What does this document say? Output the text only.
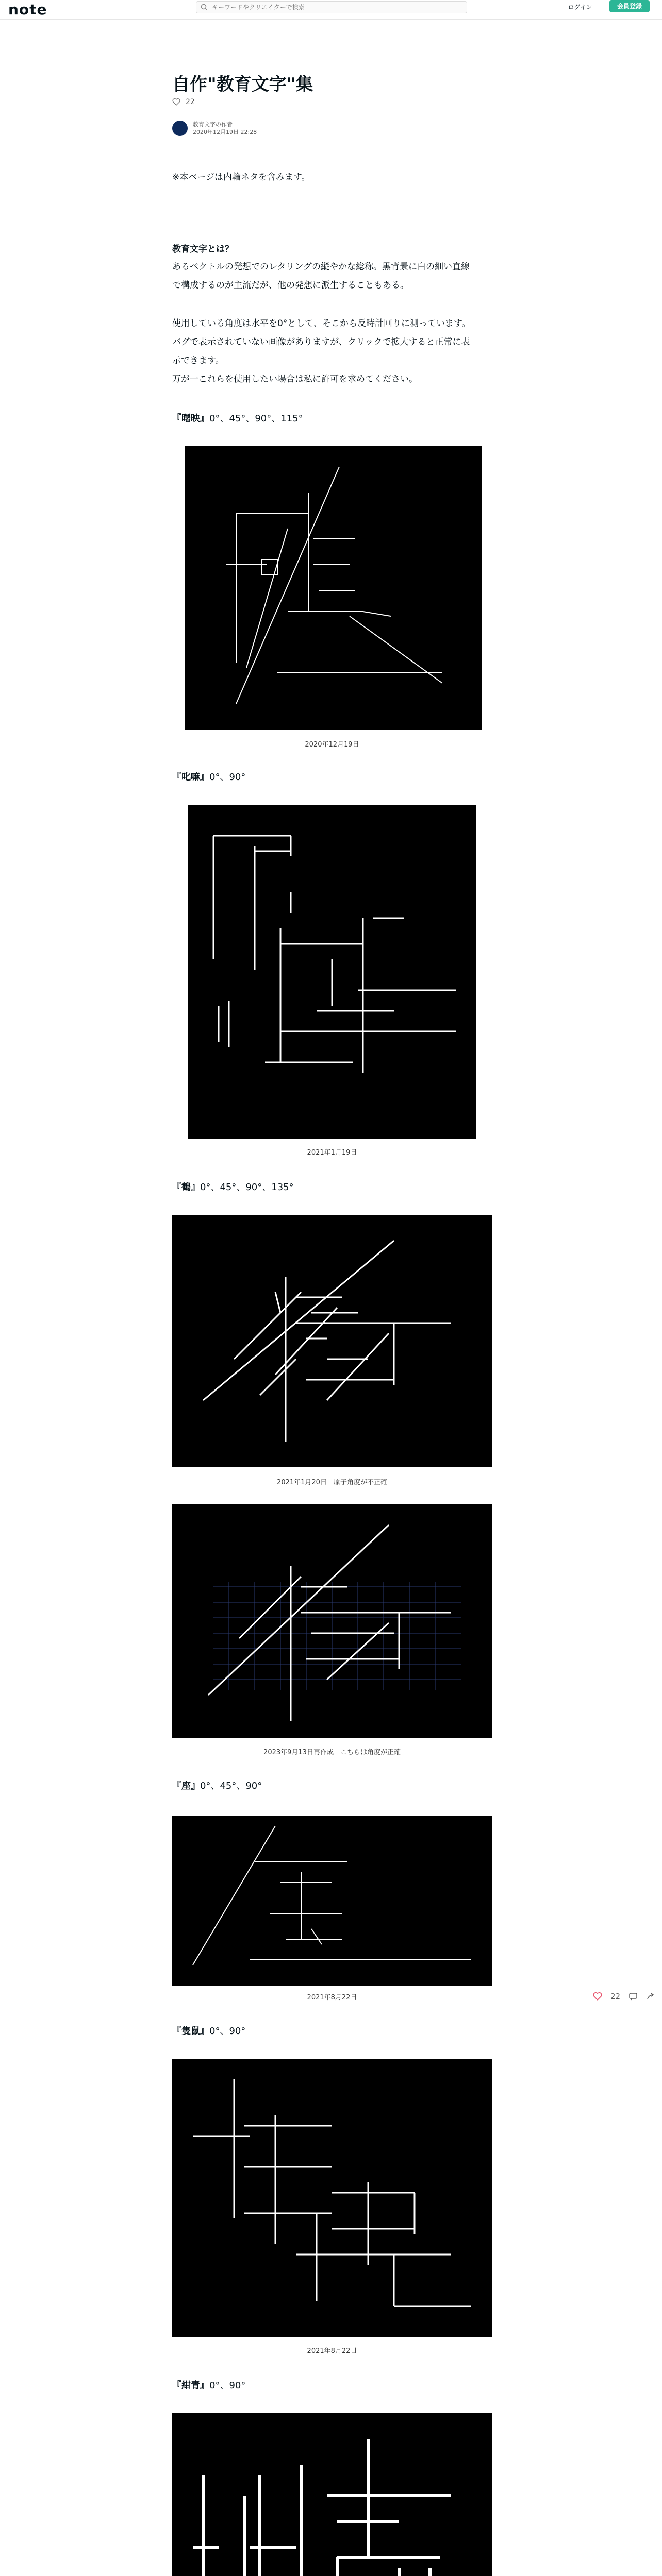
note
キーワードやクリエイターで検索	ログイン	会員登録
自作"教育文字"集
22
教育文字の作者
2020年12月19日 22:28
※本ページは内輪ネタを含みます。
教育文字とは？
あるベクトルの発想でのレタリングの縦やかな総称。黒背景に白の細い直線
で構成するのが主流だが、他の発想に派生することもある。
使用している角度は水平を0°として、そこから反時計回りに測っています。
バグで表示されていない画像がありますが、クリックで拡大すると正常に表
示できます。
万が一これらを使用したい場合は私に許可を求めてください。
『曙映』0°、45°、90°、115°
2020年12月19日
『叱嘛』0°、90°
2021年1月19日
『鶴』0°、45°、90°、135°
2021年1月20日　原子角度が不正確
2023年9月13日再作成　こちらは角度が正確
『座』0°、45°、90°
2021年8月22日
『隻鼠』0°、90°
2021年8月22日
『紺青』0°、90°
22
